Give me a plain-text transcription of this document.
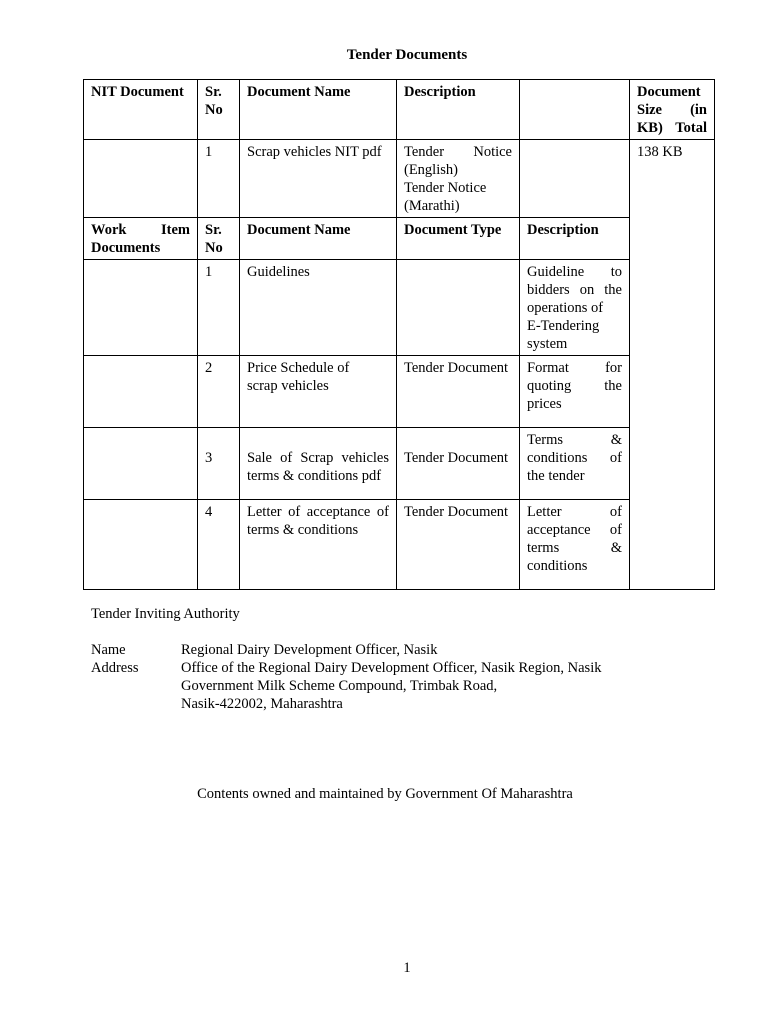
Tender Documents
NIT Document	Sr. No	Document Name	Description		Document Size (in KB) Total
	1	Scrap vehicles NIT pdf	Tender Notice
(English)
Tender Notice
(Marathi)		138 KB

Work Item
Documents	Sr. No	Document Name	Document Type	Description	
	1	Guidelines		Guideline to
bidders on the
operations of
E-Tendering
system	

	2	Price Schedule of
scrap vehicles	Tender Document	Format for
quoting the
prices	

	3	Sale of Scrap vehicles
terms & conditions pdf	Tender Document	Terms &
conditions of
the tender	

	4	Letter of acceptance of
terms & conditions	Tender Document	Letter of
acceptance of
terms &
conditions	
Tender Inviting Authority
Name	Regional Dairy Development Officer, Nasik
Address	Office of the Regional Dairy Development Officer, Nasik Region, Nasik
Government Milk Scheme Compound, Trimbak Road,
Nasik-422002, Maharashtra
Contents owned and maintained by Government Of Maharashtra
1
